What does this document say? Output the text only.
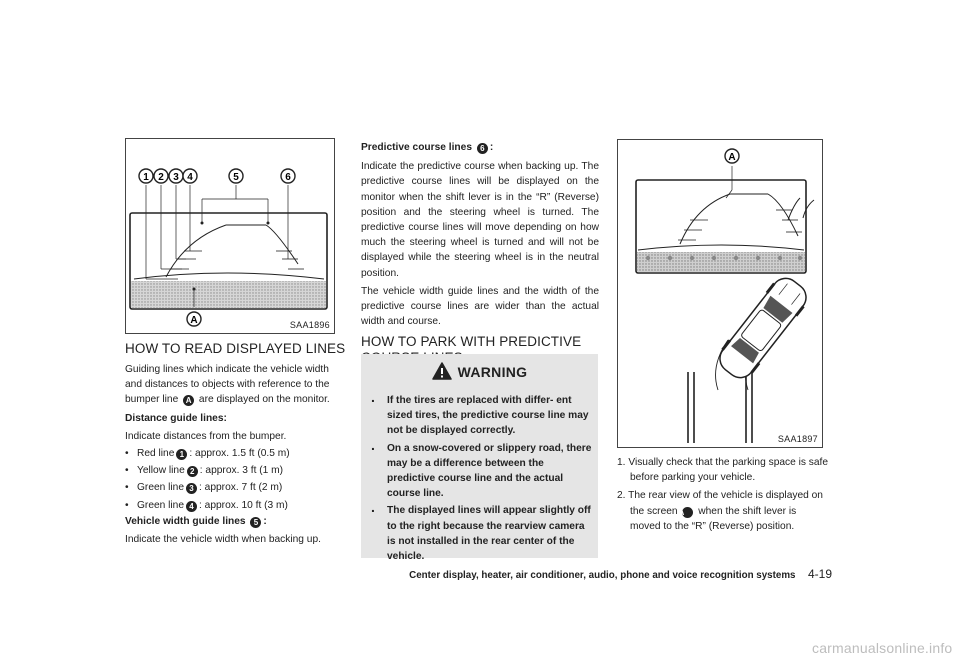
1 2 3 4	5	6
A	SAA1896
HOW TO READ DISPLAYED LINES

Guiding lines which indicate the vehicle width and distances to objects with reference to the bumper line A are displayed on the monitor.

Distance guide lines:

Indicate distances from the bumper.

• Red line 1 : approx. 1.5 ft (0.5 m)
• Yellow line 2 : approx. 3 ft (1 m)
• Green line 3 : approx. 7 ft (2 m)
• Green line 4 : approx. 10 ft (3 m)

Vehicle width guide lines 5 :

Indicate the vehicle width when backing up.

Predictive course lines 6 :

Indicate the predictive course when backing up. The predictive course lines will be displayed on the monitor when the shift lever is in the “R” (Reverse) position and the steering wheel is turned. The predictive course lines will move depending on how much the steering wheel is turned and will not be displayed while the steering wheel is in the neutral position.

The vehicle width guide lines and the width of the predictive course lines are wider than the actual width and course.

HOW TO PARK WITH PREDICTIVE

WARNING
. If the tires are replaced with differ- ent sized tires, the predictive course line may not be displayed correctly.
. On a snow-covered or slippery road, there may be a difference between the predictive course line and the actual course line.
. The displayed lines will appear slightly off to the right because the rearview camera is not installed in the rear center of the vehicle.
A
SAA1897
1. Visually check that the parking space is safe before parking your vehicle.
2. The rear view of the vehicle is displayed on the screen A when the shift lever is moved to the “R” (Reverse) position.
Center display, heater, air conditioner, audio, phone and voice recognition systems 4-19
carmanualsonline.info
